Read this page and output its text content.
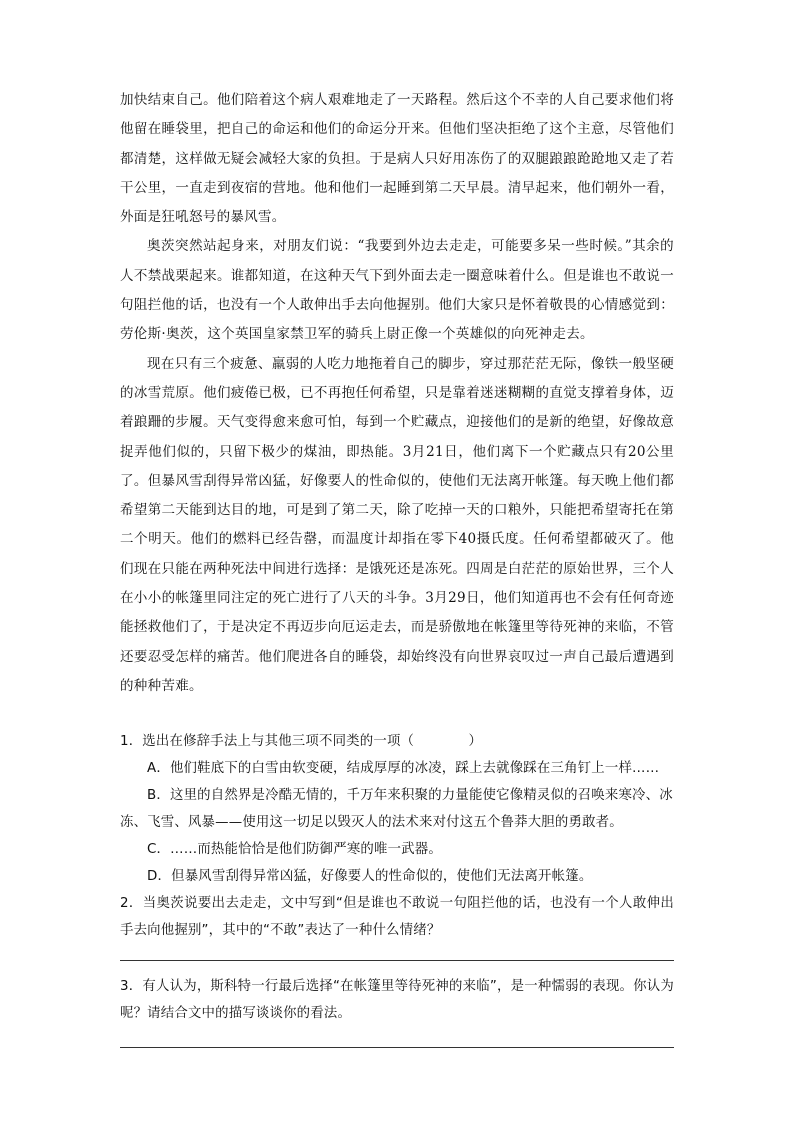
加快结束自己。他们陪着这个病人艰难地走了一天路程。然后这个不幸的人自己要求他们将他留在睡袋里，把自己的命运和他们的命运分开来。但他们坚决拒绝了这个主意，尽管他们都清楚，这样做无疑会减轻大家的负担。于是病人只好用冻伤了的双腿踉踉跄跄地又走了若干公里，一直走到夜宿的营地。他和他们一起睡到第二天早晨。清早起来，他们朝外一看，外面是狂吼怒号的暴风雪。

奥茨突然站起身来，对朋友们说：“我要到外边去走走，可能要多呆一些时候。”其余的人不禁战栗起来。谁都知道，在这种天气下到外面去走一圈意味着什么。但是谁也不敢说一句阻拦他的话，也没有一个人敢伸出手去向他握别。他们大家只是怀着敬畏的心情感觉到：劳伦斯·奥茨，这个英国皇家禁卫军的骑兵上尉正像一个英雄似的向死神走去。

现在只有三个疲惫、羸弱的人吃力地拖着自己的脚步，穿过那茫茫无际，像铁一般坚硬的冰雪荒原。他们疲倦已极，已不再抱任何希望，只是靠着迷迷糊糊的直觉支撑着身体，迈着踉跚的步履。天气变得愈来愈可怕，每到一个贮藏点，迎接他们的是新的绝望，好像故意捉弄他们似的，只留下极少的煤油，即热能。3月21日，他们离下一个贮藏点只有20公里了。但暴风雪刮得异常凶猛，好像要人的性命似的，使他们无法离开帐篷。每天晚上他们都希望第二天能到达目的地，可是到了第二天，除了吃掉一天的口粮外，只能把希望寄托在第二个明天。他们的燃料已经告罄，而温度计却指在零下40摄氏度。任何希望都破灭了。他们现在只能在两种死法中间进行选择：是饿死还是冻死。四周是白茫茫的原始世界，三个人在小小的帐篷里同注定的死亡进行了八天的斗争。3月29日，他们知道再也不会有任何奇迹能拯救他们了，于是决定不再迈步向厄运走去，而是骄傲地在帐篷里等待死神的来临，不管还要忍受怎样的痛苦。他们爬进各自的睡袋，却始终没有向世界哀叹过一声自己最后遭遇到的种种苦难。

1．选出在修辞手法上与其他三项不同类的一项（　　　　）

A．他们鞋底下的白雪由软变硬，结成厚厚的冰凌，踩上去就像踩在三角钉上一样……

B．这里的自然界是冷酷无情的，千万年来积聚的力量能使它像精灵似的召唤来寒冷、冰冻、飞雪、风暴——使用这一切足以毁灭人的法术来对付这五个鲁莽大胆的勇敢者。

C．……而热能恰恰是他们防御严寒的唯一武器。

D．但暴风雪刮得异常凶猛，好像要人的性命似的，使他们无法离开帐篷。

2．当奥茨说要出去走走，文中写到“但是谁也不敢说一句阻拦他的话，也没有一个人敢伸出手去向他握别”，其中的“不敢”表达了一种什么情绪？

3．有人认为，斯科特一行最后选择“在帐篷里等待死神的来临”，是一种懦弱的表现。你认为呢？请结合文中的描写谈谈你的看法。
